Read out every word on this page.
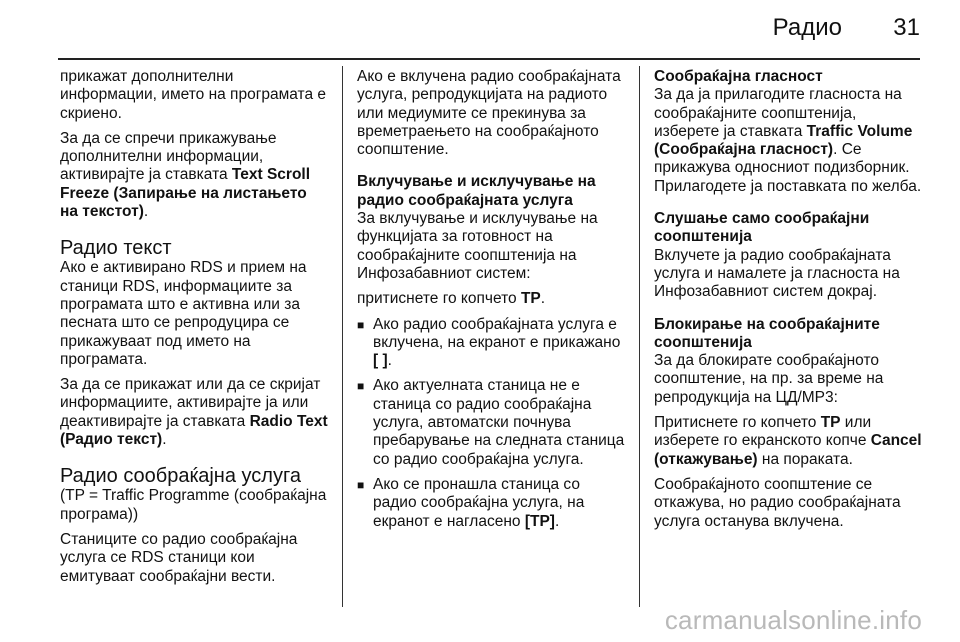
Радио 31

прикажат дополнителни информации, името на програмата е скриено.

За да се спречи прикажување дополнителни информации, активирајте ја ставката Text Scroll Freeze (Запирање на листањето на текстот).

Радио текст

Ако е активирано RDS и прием на станици RDS, информациите за програмата што е активна или за песната што се репродуцира се прикажуваат под името на програмата.

За да се прикажат или да се скријат информациите, активирајте ја или деактивирајте ја ставката Radio Text (Радио текст).

Радио сообраќајна услуга

(TP = Traffic Programme (сообраќајна програма))

Станиците со радио сообраќајна услуга се RDS станици кои емитуваат сообраќајни вести.

Ако е вклучена радио сообраќајната услуга, репродукцијата на радиото или медиумите се прекинува за времетраењето на сообраќајното соопштение.

Вклучување и исклучување на радио сообраќајната услуга

За вклучување и исклучување на функцијата за готовност на сообраќајните соопштенија на Инфозабавниот систем:

притиснете го копчето TP.

■ Ако радио сообраќајната услуга е вклучена, на екранот е прикажано [ ].
■ Ако актуелната станица не е станица со радио сообраќајна услуга, автоматски почнува пребарување на следната станица со радио сообраќајна услуга.
■ Ако се пронашла станица со радио сообраќајна услуга, на екранот е нагласено [TP].
Сообраќајна гласност

За да ја прилагодите гласноста на сообраќајните соопштенија, изберете ја ставката Traffic Volume (Сообраќајна гласност). Се прикажува односниот подизборник. Прилагодете ја поставката по желба.

Слушање само сообраќајни соопштенија

Вклучете ја радио сообраќајната услуга и намалете ја гласноста на Инфозабавниот систем докрај.

Блокирање на сообраќајните соопштенија

За да блокирате сообраќајното соопштение, на пр. за време на репродукција на ЦД/MP3:

Притиснете го копчето TP или изберете го екранското копче Cancel (откажување) на пораката.

Сообраќајното соопштение се откажува, но радио сообраќајната услуга останува вклучена.

carmanualsonline.info
